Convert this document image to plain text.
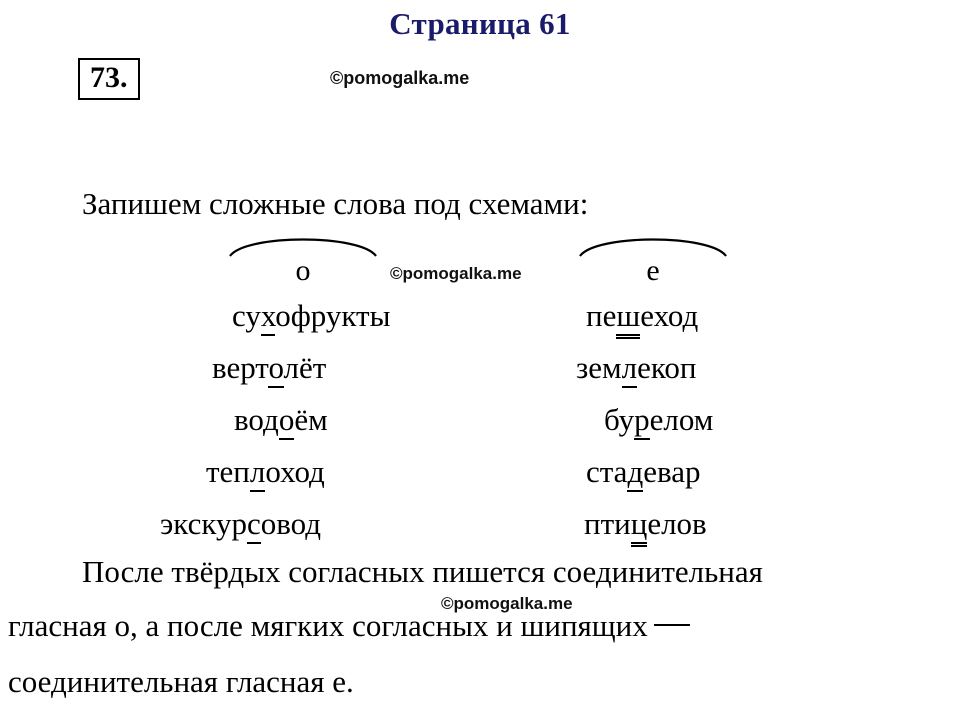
Страница 61
73.	©pomogalka.me
©pomogalka.me
©pomogalka.me
Запишем сложные слова под схемами:
о	е
сухофрукты
вертолёт
водоём
теплоход
экскурсовод
пешеход
землекоп
бурелом
стадевар
птицелов
После твёрдых согласных пишется соединительная
гласная о, а после мягких согласных и шипящих
соединительная гласная е.
